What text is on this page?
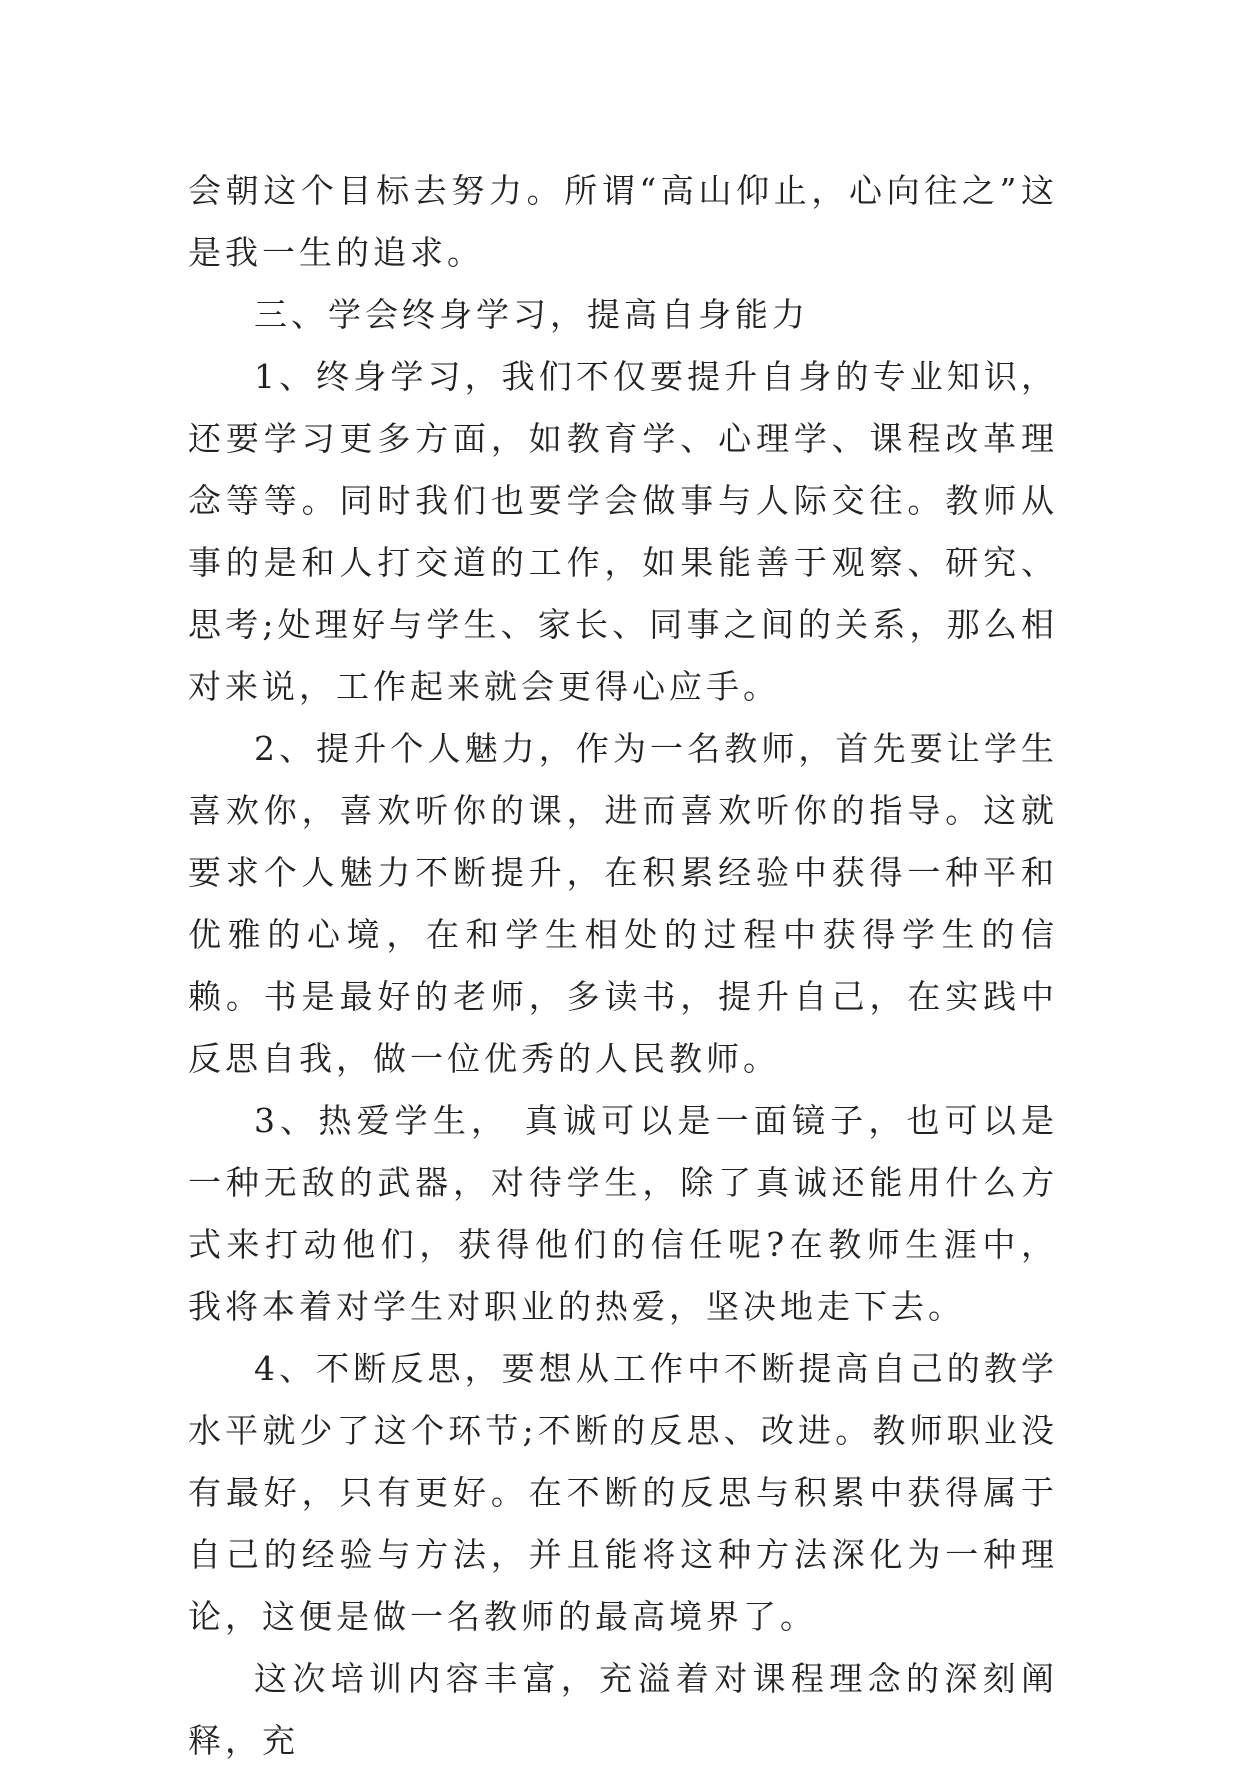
会朝这个目标去努力。所谓“高山仰止，心向往之”这是我一生的追求。

三、学会终身学习，提高自身能力

1、终身学习，我们不仅要提升自身的专业知识，还要学习更多方面，如教育学、心理学、课程改革理念等等。同时我们也要学会做事与人际交往。教师从事的是和人打交道的工作，如果能善于观察、研究、思考;处理好与学生、家长、同事之间的关系，那么相对来说，工作起来就会更得心应手。

2、提升个人魅力，作为一名教师，首先要让学生喜欢你，喜欢听你的课，进而喜欢听你的指导。这就要求个人魅力不断提升，在积累经验中获得一种平和优雅的心境，在和学生相处的过程中获得学生的信赖。书是最好的老师，多读书，提升自己，在实践中反思自我，做一位优秀的人民教师。

3、热爱学生， 真诚可以是一面镜子，也可以是一种无敌的武器，对待学生，除了真诚还能用什么方式来打动他们，获得他们的信任呢?在教师生涯中，我将本着对学生对职业的热爱，坚决地走下去。

4、不断反思，要想从工作中不断提高自己的教学水平就少了这个环节;不断的反思、改进。教师职业没有最好，只有更好。在不断的反思与积累中获得属于自己的经验与方法，并且能将这种方法深化为一种理论，这便是做一名教师的最高境界了。

这次培训内容丰富，充溢着对课程理念的深刻阐释，充
